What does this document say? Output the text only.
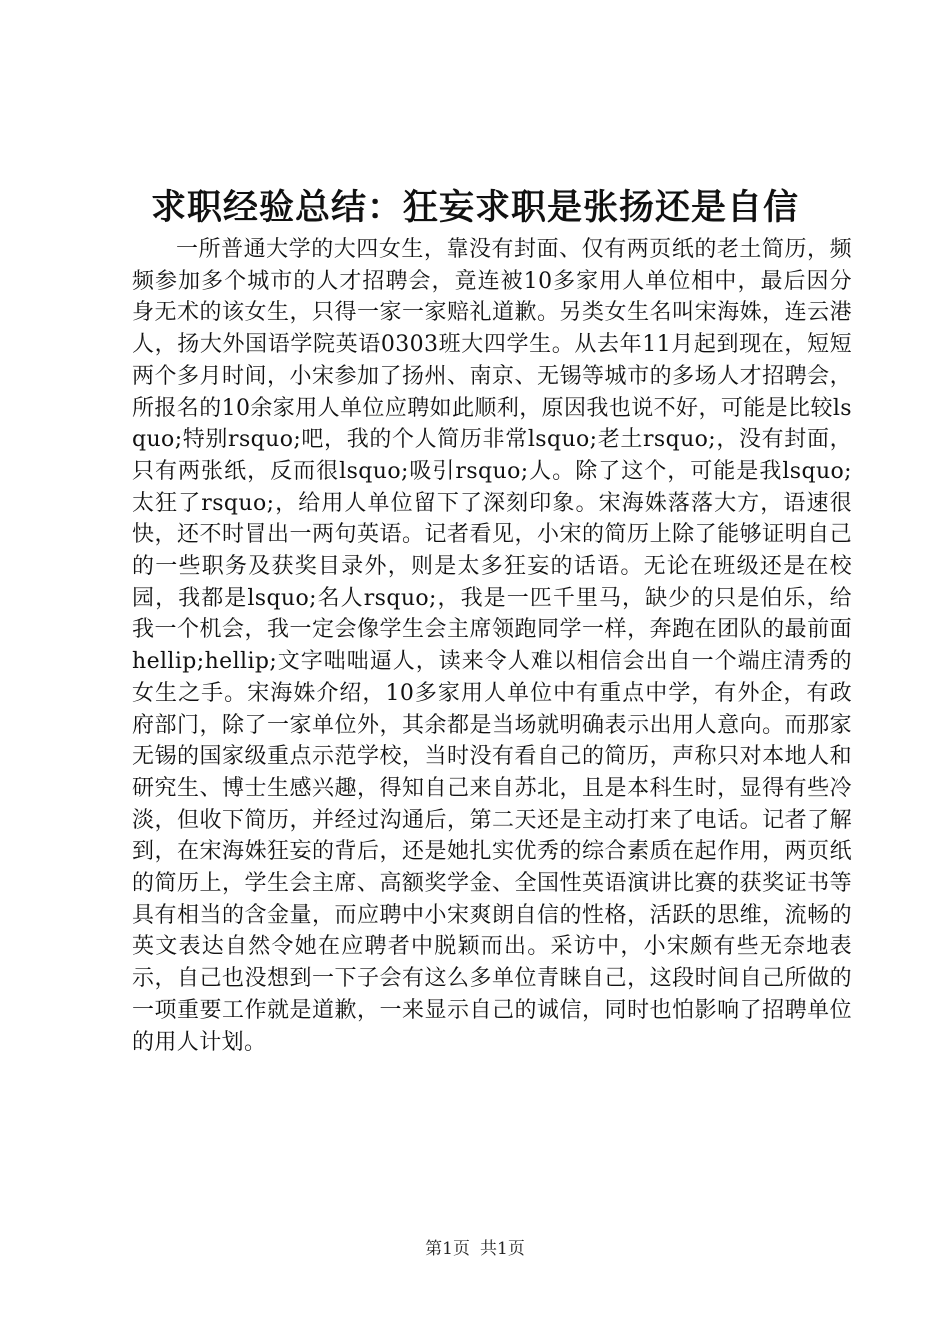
求职经验总结：狂妄求职是张扬还是自信

一所普通大学的大四女生，靠没有封面、仅有两页纸的老土简历，频频参加多个城市的人才招聘会，竟连被10多家用人单位相中，最后因分身无术的该女生，只得一家一家赔礼道歉。另类女生名叫宋海姝，连云港人，扬大外国语学院英语0303班大四学生。从去年11月起到现在，短短两个多月时间，小宋参加了扬州、南京、无锡等城市的多场人才招聘会，所报名的10余家用人单位应聘如此顺利，原因我也说不好，可能是比较lsquo;特别rsquo;吧，我的个人简历非常lsquo;老土rsquo;，没有封面，只有两张纸，反而很lsquo;吸引rsquo;人。除了这个，可能是我lsquo;太狂了rsquo;，给用人单位留下了深刻印象。宋海姝落落大方，语速很快，还不时冒出一两句英语。记者看见，小宋的简历上除了能够证明自己的一些职务及获奖目录外，则是太多狂妄的话语。无论在班级还是在校园，我都是lsquo;名人rsquo;，我是一匹千里马，缺少的只是伯乐，给我一个机会，我一定会像学生会主席领跑同学一样，奔跑在团队的最前面hellip;hellip;文字咄咄逼人，读来令人难以相信会出自一个端庄清秀的女生之手。宋海姝介绍，10多家用人单位中有重点中学，有外企，有政府部门，除了一家单位外，其余都是当场就明确表示出用人意向。而那家无锡的国家级重点示范学校，当时没有看自己的简历，声称只对本地人和研究生、博士生感兴趣，得知自己来自苏北，且是本科生时，显得有些冷淡，但收下简历，并经过沟通后，第二天还是主动打来了电话。记者了解到，在宋海姝狂妄的背后，还是她扎实优秀的综合素质在起作用，两页纸的简历上，学生会主席、高额奖学金、全国性英语演讲比赛的获奖证书等具有相当的含金量，而应聘中小宋爽朗自信的性格，活跃的思维，流畅的英文表达自然令她在应聘者中脱颖而出。采访中，小宋颇有些无奈地表示，自己也没想到一下子会有这么多单位青睐自己，这段时间自己所做的一项重要工作就是道歉，一来显示自己的诚信，同时也怕影响了招聘单位的用人计划。

第1页 共1页
